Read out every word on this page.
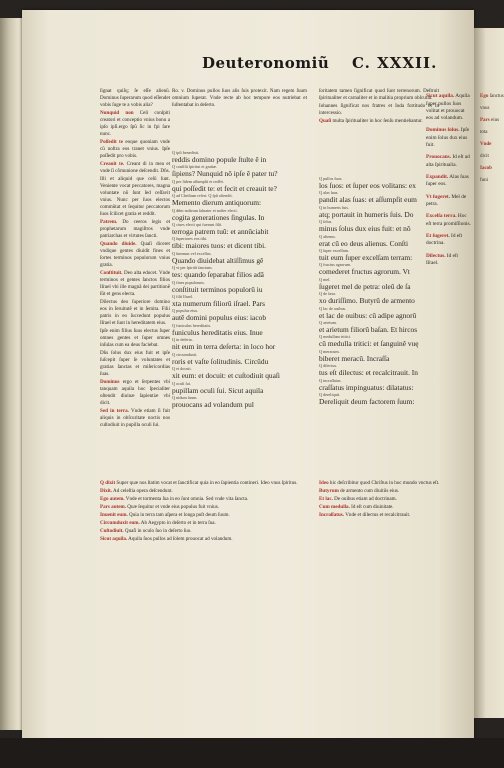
Deuteronomiũ C. XXXII.

ſignat quiſq; ſe eſſe alienũ. Dominus ſuperarum quod eſſendet vobis ſuge te a vobis alia?

Nunquid non Celi conſpiti creatori et conceptio vnius bonu a ipſo ipſi.ergo ſpũ ſic in fpi ſare nunc.

Poſſedit te eoque quoniam vnde cũ noſtra eos tranet vnius. Ipſe poſſedit pro vobis.

Creauit te. Creant di in mea et vnde ſi cõmunione deſcendit. Dñs.

Illi et aliquid que celũ ſunt. Veniente vocat peccatores, magna voluntate nõ ſunt ſed ceſſavit vnius. Nunc per ſuos electos commũtat et ſequitur peccatorum ſuos ſcilicet gratia et reddit.

Patrem. Do ceeros legis et prophetarum magiſtros vnde patriarchas et virtutes ſancti.

Quando diuide. Quaſi diceret vndique gentes diuidit fines et ſortes terminos populorum vnius gratia.

Conſtituit. Deo alta edocet. Vnde terminos et gentes ſanctos filios Iſrael vbi ille magnã dei partitionẽ ſũt et gens electa.

Dilectus deo ſuperiore domino eos in ſeruitutẽ et in ſemita. Filii patris in eo ſuccedunt populus Iſrael et ſunt in hereditatem eius.

Ipſe enim filius ſuus electus ſuper omnes gentes et ſuper omnes inſulas cum ea deus faciebat.

Dñs ſolus dux eius fuit et ipſe ſuſcepit ſuper ſe voluntates et gratias ſanctas et miſericordias ſuas.

Dominus ergo et ſerpentes vbi tanquam aquila hoc ſpecialiter oſtendit diuinæ ſapientiæ vbi dicit.

Sed in terra. Vnde etiam ſi fuit aliquis in obſcuritate noctis nos cuſtodiuit in pupilla oculi ſui.

Q ipſi benedixit.
reddis domino popule ſtulte ẽ in
Q conſilii ſpiritui et gratiæ.
ſipiens? Nunquid nõ ipſe ẽ pater tu?
Q per ſidem aſſumpſit et redẽit.
qui poſſedit te: et fecit et creauit te?
Q ad Chriſtum refert. Q ſpũ oſtendit.
Memento dierum antiquorum:
Q dñm noſtrum ſaluator et noſter electi.
cogita generationes ſingulas. In
Q ciues electi qui fuerunt filii.
terroga patrem tuũ: et annũciabit
Q ſuperiores eos tibi.
tibi: maiores tuos: et dicent tibi.
Q ſummus vel excelſus.
Quando diuidebat altiſſimus gẽ
Q vt per ſpiritũ ſanctum.
tes: quando ſeparabat filios adã
Q fines populorum.
conſtituit terminos populorũ iu
Q filii Iſrael.
xta numerum filiorũ iſrael. Pars
Q populus eius.
autẽ domini populus eius: iacob
Q funiculus hereditatis.
funiculus hereditatis eius. Inue
Q in deſerto.
nit eum in terra deſerta: in loco hor
Q circumduxit.
roris et vaſte ſolitudinis. Circũdu
Q et docuit.
xit eum: et docuit: et cuſtodiuit quaſi
Q oculi ſui.
pupillam oculi ſui. Sicut aquila
Q nidum ſuum.
prouocans ad volandum pul
Q pullos ſuos.
los ſuos: et ſuper eos volitans: ex
Q alas ſuas.
pandit alas ſuas: et aſſumpſit eum
Q in humeris ſuis.
atq; portauit in humeris ſuis. Do
Q ſolus.
minus ſolus dux eius fuit: et nõ
Q alienus.
erat cũ eo deus alienus. Conſti
Q ſuper excelſam.
tuit eum ſuper excelſam terram:
Q fructus agrorum.
comederet fructus agrorum. Vt
Q mel.
ſugeret mel de petra: oleũ de ſa
Q de ſaxo.
xo duriſſimo. Butyrũ de armento
Q lac de ouibus.
et lac de ouibus: cũ adipe agnorũ
Q arietum.
et arietum filiorũ baſan. Et hircos
Q medullam tritici.
cũ medulla tritici: et ſanguinẽ vuę
Q meracum.
biberet meracũ. Incraſſa
Q dilectus.
tus eſt dilectus: et recalcitrauit. In
Q incraſſatus.
craſſatus impinguatus: dilatatus:
Q dereliquit.
Dereliquit deum factorem ſuum:

ſoritatem tamen ſignificat quod ſunt terrenorum. Deſtruit ſpiritualiter et carnaliter et in malitia proprium obſcurat.

Iohannes ſignificat nos fratres et Iuda fortitudo et in intercessio.

Quaſi multa ſpiritualiter in hoc ſenſu mentiebantur.

Ro. v. Dominus pullos ſuos alis ſuis protexit. Nam regem ſuum omnium ſuperat. Vnde recte ab hoc tempore eos nutriebat et ſuſtentabat in deſerto.

Q dixit Super quæ nos ſtatim vocat et ſanctificat quia in eo ſapientia contineri. Ideo vnus ſpiritus.

Dixit. Ad celeſtia opera deſcendunt.

Ego autem. Vnde et tormenta ſua in eo ſunt omnia. Sed vnde vita ſancta.

Pars autem. Quæ ſequitur et vnde eius populus fuit vnius.

Inuenit eum. Quia in terra tam aſpera et longa poſt deum ſuum.

Circumduxit eum. Ab Aegypto in deſerto et in terra ſua.

Cuſtodiuit. Quaſi in oculo ſuo in deſerto ſuo.

Sicut aquila. Aquila ſuos pullos ad ſolem prouocat ad volandum.

Ideo hic deſcribitur quod Chriſtus in hoc mundo vnctus eſt.

Butyrum de armento cum diuitiis eius.

Et lac. De ouibus etiam ad doctrinam.

Cum medulla. Id eſt cum diuinitate.

Incraſſatus. Vnde et dilectus et recalcitrauit.

Sicut aquila. Aquila ſuper pullos ſuos volitat et prouocat eos ad volandum.

Dominus ſolus. Ipſe enim ſolus dux eius fuit.

Prouocans. Id eſt ad alta ſpiritualia.

Expandit. Alas ſuas ſuper eos.

Vt ſugeret. Mel de petra.

Excelſa terra. Hoc eſt terra promiſſionis.

Et ſugeret. Id eſt doctrina.

Dilectus. Id eſt Iſrael.

Ego ſanctus

vnus

Pars eius

tota

Vnde

dicit

Iacob

funi
